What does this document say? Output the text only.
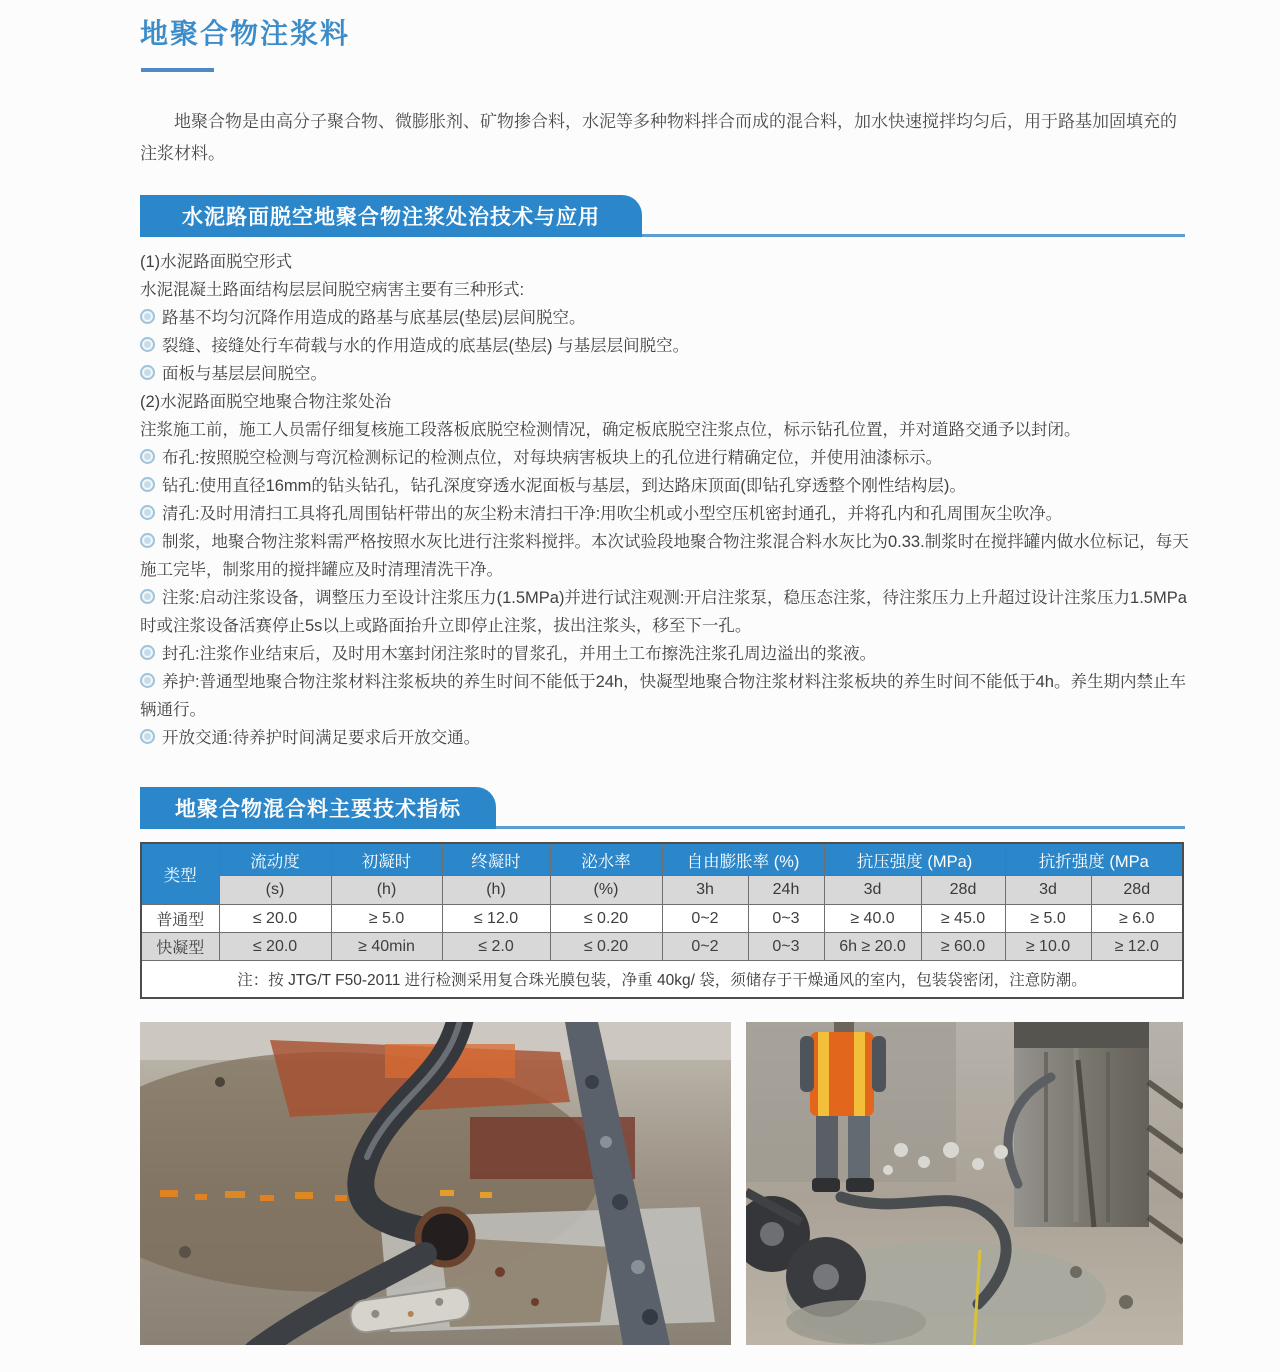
地聚合物注浆料
地聚合物是由高分子聚合物、微膨胀剂、矿物掺合料，水泥等多种物料拌合而成的混合料，加水快速搅拌均匀后，用于路基加固填充的注浆材料。
水泥路面脱空地聚合物注浆处治技术与应用

(1)水泥路面脱空形式

水泥混凝土路面结构层层间脱空病害主要有三种形式:

路基不均匀沉降作用造成的路基与底基层(垫层)层间脱空。

裂缝、接缝处行车荷载与水的作用造成的底基层(垫层) 与基层层间脱空。

面板与基层层间脱空。

(2)水泥路面脱空地聚合物注浆处治

注浆施工前，施工人员需仔细复核施工段落板底脱空检测情况，确定板底脱空注浆点位，标示钻孔位置，并对道路交通予以封闭。

布孔:按照脱空检测与弯沉检测标记的检测点位，对每块病害板块上的孔位进行精确定位，并使用油漆标示。

钻孔:使用直径16mm的钻头钻孔，钻孔深度穿透水泥面板与基层，到达路床顶面(即钻孔穿透整个刚性结构层)。

清孔:及时用清扫工具将孔周围钻杆带出的灰尘粉末清扫干净:用吹尘机或小型空压机密封通孔，并将孔内和孔周围灰尘吹净。

制浆，地聚合物注浆料需严格按照水灰比进行注浆料搅拌。本次试验段地聚合物注浆混合料水灰比为0.33.制浆时在搅拌罐内做水位标记，每天施工完毕，制浆用的搅拌罐应及时清理清洗干净。

注浆:启动注浆设备，调整压力至设计注浆压力(1.5MPa)并进行试注观测:开启注浆泵，稳压态注浆，待注浆压力上升超过设计注浆压力1.5MPa时或注浆设备活赛停止5s以上或路面抬升立即停止注浆，拔出注浆头，移至下一孔。

封孔:注浆作业结束后，及时用木塞封闭注浆时的冒浆孔，并用土工布擦洗注浆孔周边溢出的浆液。

养护:普通型地聚合物注浆材料注浆板块的养生时间不能低于24h，快凝型地聚合物注浆材料注浆板块的养生时间不能低于4h。养生期内禁止车辆通行。

开放交通:待养护时间满足要求后开放交通。

地聚合物混合料主要技术指标
类型	流动度	初凝时	终凝时	泌水率	自由膨胀率 (%)		抗压强度 (MPa)		抗折强度 (MPa	
	(s)	(h)	(h)	(%)	3h	24h	3d	28d	3d	28d
普通型	≤ 20.0	≥ 5.0	≤ 12.0	≤ 0.20	0~2	0~3	≥ 40.0	≥ 45.0	≥ 5.0	≥ 6.0
快凝型	≤ 20.0	≥ 40min	≤ 2.0	≤ 0.20	0~2	0~3	6h ≥ 20.0	≥ 60.0	≥ 10.0	≥ 12.0
注：按 JTG/T F50-2011 进行检测采用复合珠光膜包装，净重 40kg/ 袋，须储存于干燥通风的室内，包装袋密闭，注意防潮。										
